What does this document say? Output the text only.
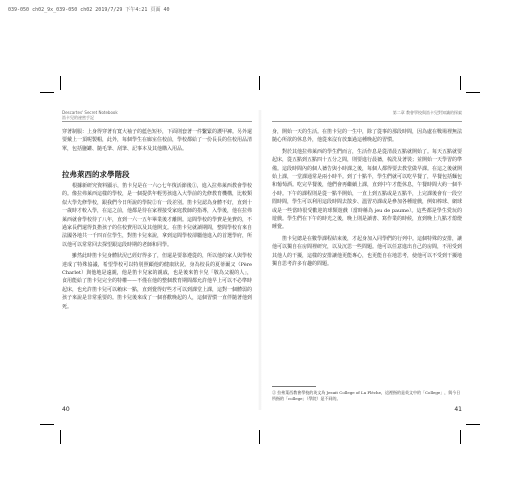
039-050 ch02_9x_039-050 ch02 2019/7/29 下午4:21 頁面 40
Descartes' Secret Notebook
笛卡兒的祕密手記

穿著制服：上身得穿著有寬大袖子的藍色短衫，下面則套著一件繫緊的護甲褲。另外還要戴上一頂呢製帽，此外，每個學生在廊室住校前，學校都給了一份長長的住校用品清單，包括鹽罐、隨毛筆、刮筆、記事本及其他購入用品。

拉弗萊西的求學階段

根據新研究資料顯示，笛卡兒是在一六○七年復活節後①，進入拉弗萊西教會學校的。像拉弗萊西這樣的學校，是一個提供年輕男孩進入大學前的先修教育機構，比較類似大學先修學校，跟我們今日所說的學院②有一段差別。笛卡兒認為身體不好，直到十一歲時才較入學，在這之前，他都是待在家裡接受家庭教師的指導，入學後，他在拉弗萊西就會學校待了八年，直到一六一五年畢業後才離開。這間學校的學費是免費的，不過家長們還得負擔孩子的住校費用以及其他開支。在笛卡兒就讀期間，整間學校有來自法國各地共一千四百位學生，對笛卡兒來說，拿到這間學校卻屬他進入的首選學府，所以他可以常常回去探望跟這段時期的老師和同學。

雖然此時笛卡兒身體狀況已經好得多了，但還是要靠遵從的，所以他的家人與學校達成了特殊協議，希望學校可以特別照顧他的健康狀況。身為校長的夏蒂爾父（Père Charlet）與他地是遠親，他是笛卡兒家的親戚，也是後來笛卡兒「敬為父親的人」，食用能給了笛卡兒完全的特權——不僅在他的整個教育期間都允許他早上可以不必準時起床，也允許笛卡兒可以賴床一點，直到覺得好些才可以到課堂上課，這對一個體弱的孩子來說是非常重要的。笛卡兒後來成了一個喜歡晚起的人，這個習慣一直伴隨著他到死。

40
第二章 教會學校與笛卡兒對知識的探索

身，開始一天的生活。在笛卡兒的一生中，除了從事的那段時間，因為處在戰場裡無法隨心所欲的休息外，他從來沒有放棄過這種晚起的習慣。

對於其他拉弗萊西的學生們而言，生活作息是從清晨五點就開始了。每天五點就要起床，從五點到五點四十五分之間，則要進行晨禱，梳洗及著裝；並開始一天學習的準備。這段時間內的個人禱告與小時課之後，每個人都得要去教堂做早課。在這之後就開始上課，一堂課通常是兩小時半。到了十點半，學生們就可以吃早餐了，早餐包括麵包和葡萄酒。吃完早餐後，他們會再繼續上課，直到中午才能休息，午餐時間大約一個半小時。下午的課程則是從一點半開始，一直上到五點或是五點半，上完課後會有一段空閒時間，學生可以利用這段時間去散步、溫習功課或是參加各種遊戲，例如棒球、網球或是一些當時很受歡迎的球類遊戲（當時稱為 jeu de paume）。這些都是學生愛玩的遊戲。學生們在下午的時光之後，晚上則是讀書、寫作業的時候，直到晚上九點才熄燈睡覺。

笛卡兒總是在數學課程結束後，才起身加入同學們的行列中。這個特殊的安排，讓他可以獨自在房間裡研究，以及沉思一些問題。他可以任意進出自己的房間，不用受到其他人的干擾，這樣的安排讓他更能專心，也更能自在地思考，使他可以不受到干擾地獨自思考許多有趣的問題。

② 拉弗萊西教會學校的英文為 Jesuit College of La Flèche，這裡指的是英文中的「College」，與今日所指的「college」（學院）是不同的。
41
